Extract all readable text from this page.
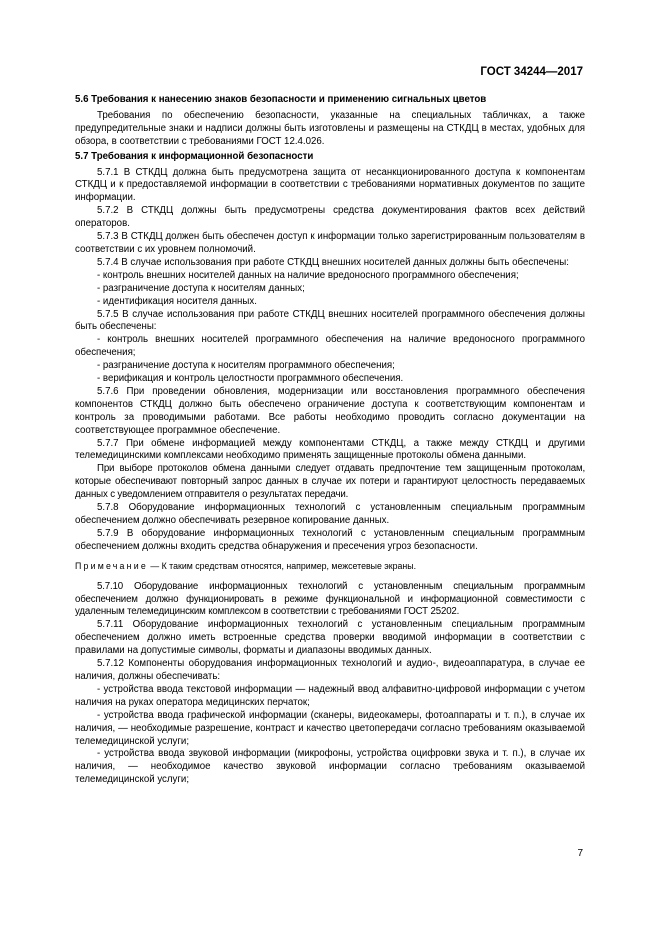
ГОСТ 34244—2017

5.6 Требования к нанесению знаков безопасности и применению сигнальных цветов

Требования по обеспечению безопасности, указанные на специальных табличках, а также предупредительные знаки и надписи должны быть изготовлены и размещены на СТКДЦ в местах, удобных для обзора, в соответствии с требованиями ГОСТ 12.4.026.

5.7 Требования к информационной безопасности

5.7.1 В СТКДЦ должна быть предусмотрена защита от несанкционированного доступа к компонентам СТКДЦ и к предоставляемой информации в соответствии с требованиями нормативных документов по защите информации.

5.7.2 В СТКДЦ должны быть предусмотрены средства документирования фактов всех действий операторов.

5.7.3 В СТКДЦ должен быть обеспечен доступ к информации только зарегистрированным пользователям в соответствии с их уровнем полномочий.

5.7.4 В случае использования при работе СТКДЦ внешних носителей данных должны быть обеспечены:

- контроль внешних носителей данных на наличие вредоносного программного обеспечения;

- разграничение доступа к носителям данных;

- идентификация носителя данных.

5.7.5 В случае использования при работе СТКДЦ внешних носителей программного обеспечения должны быть обеспечены:

- контроль внешних носителей программного обеспечения на наличие вредоносного программного обеспечения;

- разграничение доступа к носителям программного обеспечения;

- верификация и контроль целостности программного обеспечения.

5.7.6 При проведении обновления, модернизации или восстановления программного обеспечения компонентов СТКДЦ должно быть обеспечено ограничение доступа к соответствующим компонентам и контроль за проводимыми работами. Все работы необходимо проводить согласно документации на соответствующее программное обеспечение.

5.7.7 При обмене информацией между компонентами СТКДЦ, а также между СТКДЦ и другими телемедицинскими комплексами необходимо применять защищенные протоколы обмена данными.

При выборе протоколов обмена данными следует отдавать предпочтение тем защищенным протоколам, которые обеспечивают повторный запрос данных в случае их потери и гарантируют целостность передаваемых данных с уведомлением отправителя о результатах передачи.

5.7.8 Оборудование информационных технологий с установленным специальным программным обеспечением должно обеспечивать резервное копирование данных.

5.7.9 В оборудование информационных технологий с установленным специальным программным обеспечением должны входить средства обнаружения и пресечения угроз безопасности.

Примечание — К таким средствам относятся, например, межсетевые экраны.

5.7.10 Оборудование информационных технологий с установленным специальным программным обеспечением должно функционировать в режиме функциональной и информационной совместимости с удаленным телемедицинским комплексом в соответствии с требованиями ГОСТ 25202.

5.7.11 Оборудование информационных технологий с установленным специальным программным обеспечением должно иметь встроенные средства проверки вводимой информации в соответствии с правилами на допустимые символы, форматы и диапазоны вводимых данных.

5.7.12 Компоненты оборудования информационных технологий и аудио-, видеоаппаратура, в случае ее наличия, должны обеспечивать:

- устройства ввода текстовой информации — надежный ввод алфавитно-цифровой информации с учетом наличия на руках оператора медицинских перчаток;

- устройства ввода графической информации (сканеры, видеокамеры, фотоаппараты и т. п.), в случае их наличия, — необходимые разрешение, контраст и качество цветопередачи согласно требованиям оказываемой телемедицинской услуги;

- устройства ввода звуковой информации (микрофоны, устройства оцифровки звука и т. п.), в случае их наличия, — необходимое качество звуковой информации согласно требованиям оказываемой телемедицинской услуги;

7
